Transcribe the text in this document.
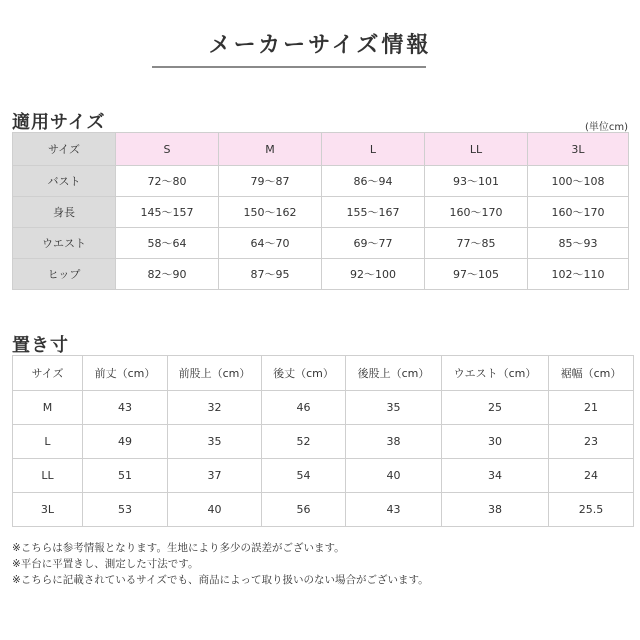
メーカーサイズ情報
適用サイズ	(単位cm)
サイズ	S	M	L	LL	3L
バスト	72～80	79～87	86～94	93～101	100～108
身長	145～157	150～162	155～167	160～170	160～170
ウエスト	58～64	64～70	69～77	77～85	85～93
ヒップ	82～90	87～95	92～100	97～105	102～110
置き寸
サイズ	前丈（cm）	前股上（cm）	後丈（cm）	後股上（cm）	ウエスト（cm）	裾幅（cm）
M	43	32	46	35	25	21
L	49	35	52	38	30	23
LL	51	37	54	40	34	24
3L	53	40	56	43	38	25.5
※こちらは参考情報となります。生地により多少の誤差がございます。
※平台に平置きし、測定した寸法です。
※こちらに記載されているサイズでも、商品によって取り扱いのない場合がございます。
